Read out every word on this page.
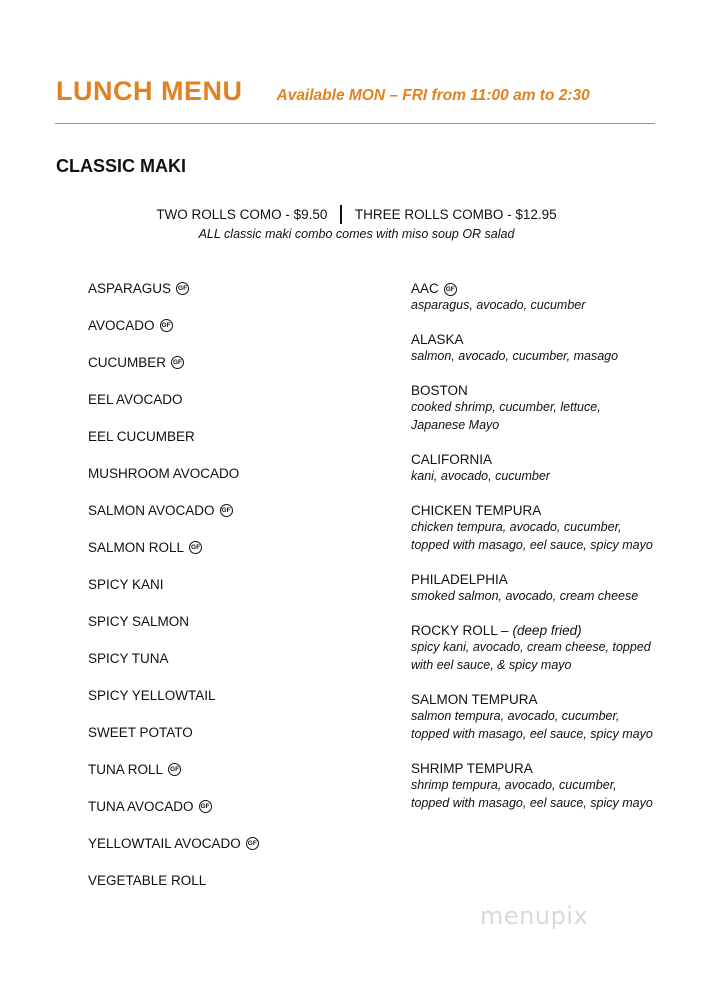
LUNCH MENU Available MON – FRI from 11:00 am to 2:30
CLASSIC MAKI
TWO ROLLS COMO - $9.50 THREE ROLLS COMBO - $12.95
ALL classic maki combo comes with miso soup OR salad
ASPARAGUS	GF
AVOCADO	GF
CUCUMBER	GF
EEL AVOCADO
EEL CUCUMBER
MUSHROOM AVOCADO
SALMON AVOCADO	GF
SALMON ROLL	GF
SPICY KANI
SPICY SALMON
SPICY TUNA
SPICY YELLOWTAIL
SWEET POTATO
TUNA ROLL	GF
TUNA AVOCADO	GF
YELLOWTAIL AVOCADO	GF
VEGETABLE ROLL
AAC	GF
asparagus, avocado, cucumber
ALASKA
salmon, avocado, cucumber, masago
BOSTON
cooked shrimp, cucumber, lettuce,
Japanese Mayo
CALIFORNIA
kani, avocado, cucumber
CHICKEN TEMPURA
chicken tempura, avocado, cucumber,
topped with masago, eel sauce, spicy mayo
PHILADELPHIA
smoked salmon, avocado, cream cheese
ROCKY ROLL – (deep fried)
spicy kani, avocado, cream cheese, topped
with eel sauce, & spicy mayo
SALMON TEMPURA
salmon tempura, avocado, cucumber,
topped with masago, eel sauce, spicy mayo
SHRIMP TEMPURA
shrimp tempura, avocado, cucumber,
topped with masago, eel sauce, spicy mayo
menupix
